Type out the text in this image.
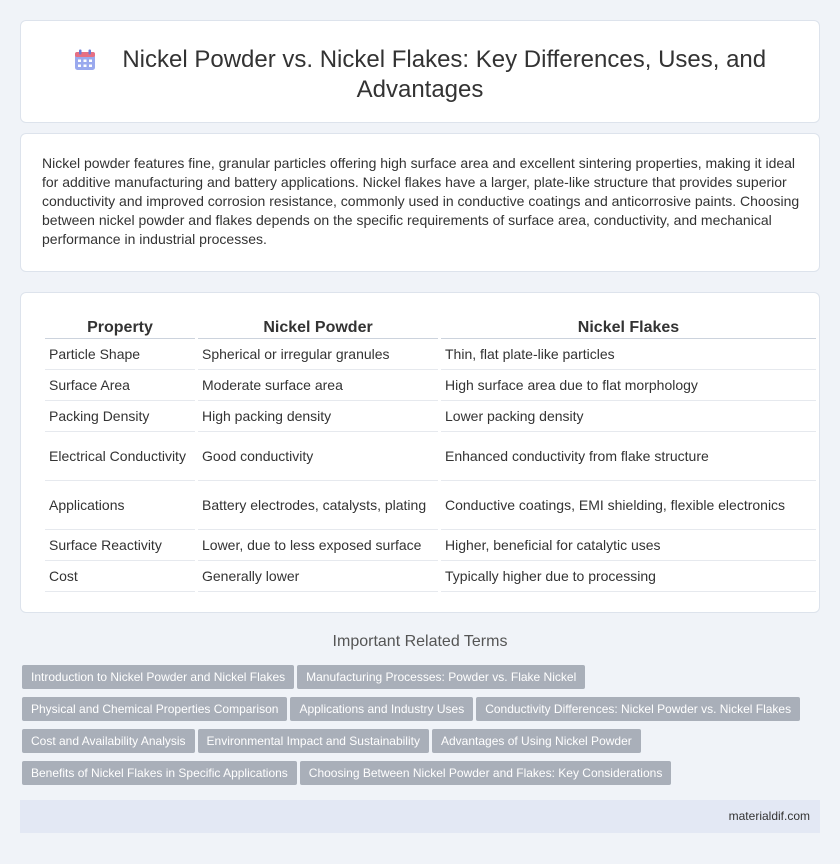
Nickel Powder vs. Nickel Flakes: Key Differences, Uses, and Advantages

Nickel powder features fine, granular particles offering high surface area and excellent sintering properties, making it ideal for additive manufacturing and battery applications. Nickel flakes have a larger, plate-like structure that provides superior conductivity and improved corrosion resistance, commonly used in conductive coatings and anticorrosive paints. Choosing between nickel powder and flakes depends on the specific requirements of surface area, conductivity, and mechanical performance in industrial processes.

Property	Nickel Powder	Nickel Flakes
Particle Shape	Spherical or irregular granules	Thin, flat plate-like particles
Surface Area	Moderate surface area	High surface area due to flat morphology
Packing Density	High packing density	Lower packing density
Electrical Conductivity	Good conductivity	Enhanced conductivity from flake structure
Applications	Battery electrodes, catalysts, plating	Conductive coatings, EMI shielding, flexible electronics
Surface Reactivity	Lower, due to less exposed surface	Higher, beneficial for catalytic uses
Cost	Generally lower	Typically higher due to processing
Important Related Terms
Introduction to Nickel Powder and Nickel Flakes Manufacturing Processes: Powder vs. Flake Nickel
Physical and Chemical Properties Comparison Applications and Industry Uses Conductivity Differences: Nickel Powder vs. Nickel Flakes
Cost and Availability Analysis Environmental Impact and Sustainability Advantages of Using Nickel Powder
Benefits of Nickel Flakes in Specific Applications Choosing Between Nickel Powder and Flakes: Key Considerations
materialdif.com
